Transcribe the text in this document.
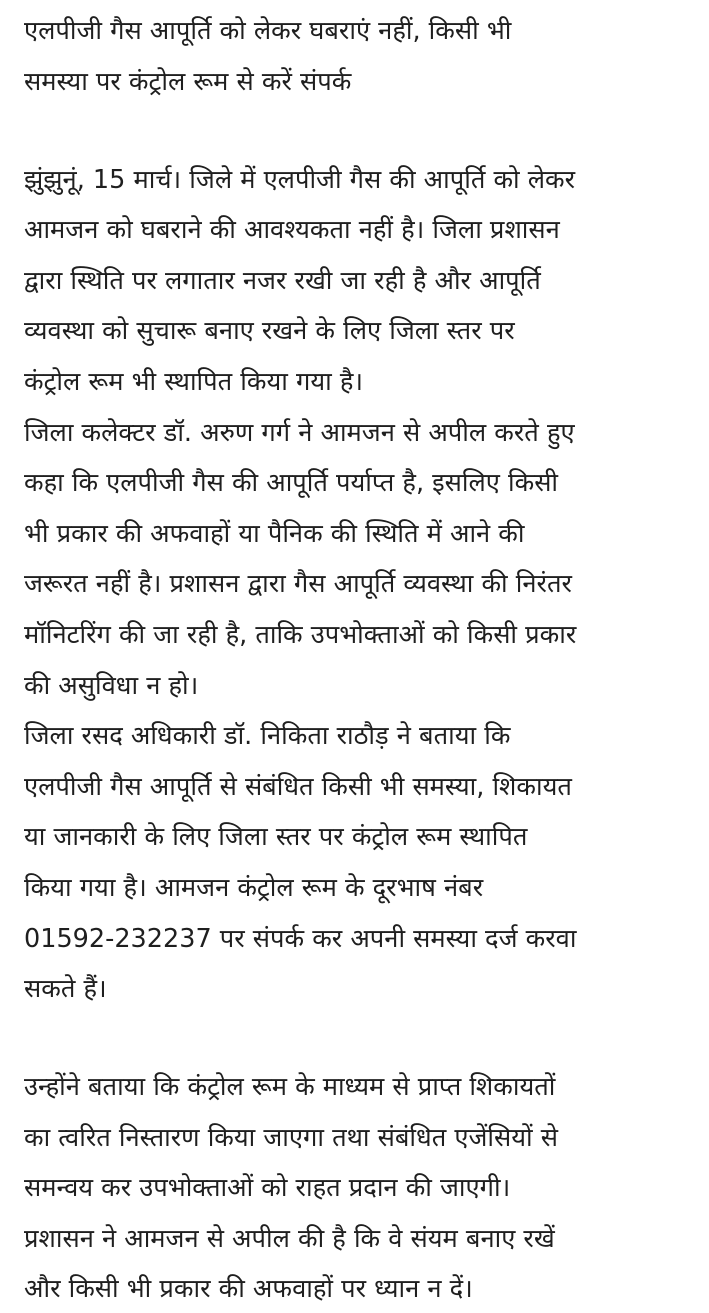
एलपीजी गैस आपूर्ति को लेकर घबराएं नहीं, किसी भी
समस्या पर कंट्रोल रूम से करें संपर्क
झुंझुनूं, 15 मार्च। जिले में एलपीजी गैस की आपूर्ति को लेकर
आमजन को घबराने की आवश्यकता नहीं है। जिला प्रशासन
द्वारा स्थिति पर लगातार नजर रखी जा रही है और आपूर्ति
व्यवस्था को सुचारू बनाए रखने के लिए जिला स्तर पर
कंट्रोल रूम भी स्थापित किया गया है।
जिला कलेक्टर डॉ. अरुण गर्ग ने आमजन से अपील करते हुए
कहा कि एलपीजी गैस की आपूर्ति पर्याप्त है, इसलिए किसी
भी प्रकार की अफवाहों या पैनिक की स्थिति में आने की
जरूरत नहीं है। प्रशासन द्वारा गैस आपूर्ति व्यवस्था की निरंतर
मॉनिटरिंग की जा रही है, ताकि उपभोक्ताओं को किसी प्रकार
की असुविधा न हो।
जिला रसद अधिकारी डॉ. निकिता राठौड़ ने बताया कि
एलपीजी गैस आपूर्ति से संबंधित किसी भी समस्या, शिकायत
या जानकारी के लिए जिला स्तर पर कंट्रोल रूम स्थापित
किया गया है। आमजन कंट्रोल रूम के दूरभाष नंबर
01592-232237 पर संपर्क कर अपनी समस्या दर्ज करवा
सकते हैं।
उन्होंने बताया कि कंट्रोल रूम के माध्यम से प्राप्त शिकायतों
का त्वरित निस्तारण किया जाएगा तथा संबंधित एजेंसियों से
समन्वय कर उपभोक्ताओं को राहत प्रदान की जाएगी।
प्रशासन ने आमजन से अपील की है कि वे संयम बनाए रखें
और किसी भी प्रकार की अफवाहों पर ध्यान न दें।
